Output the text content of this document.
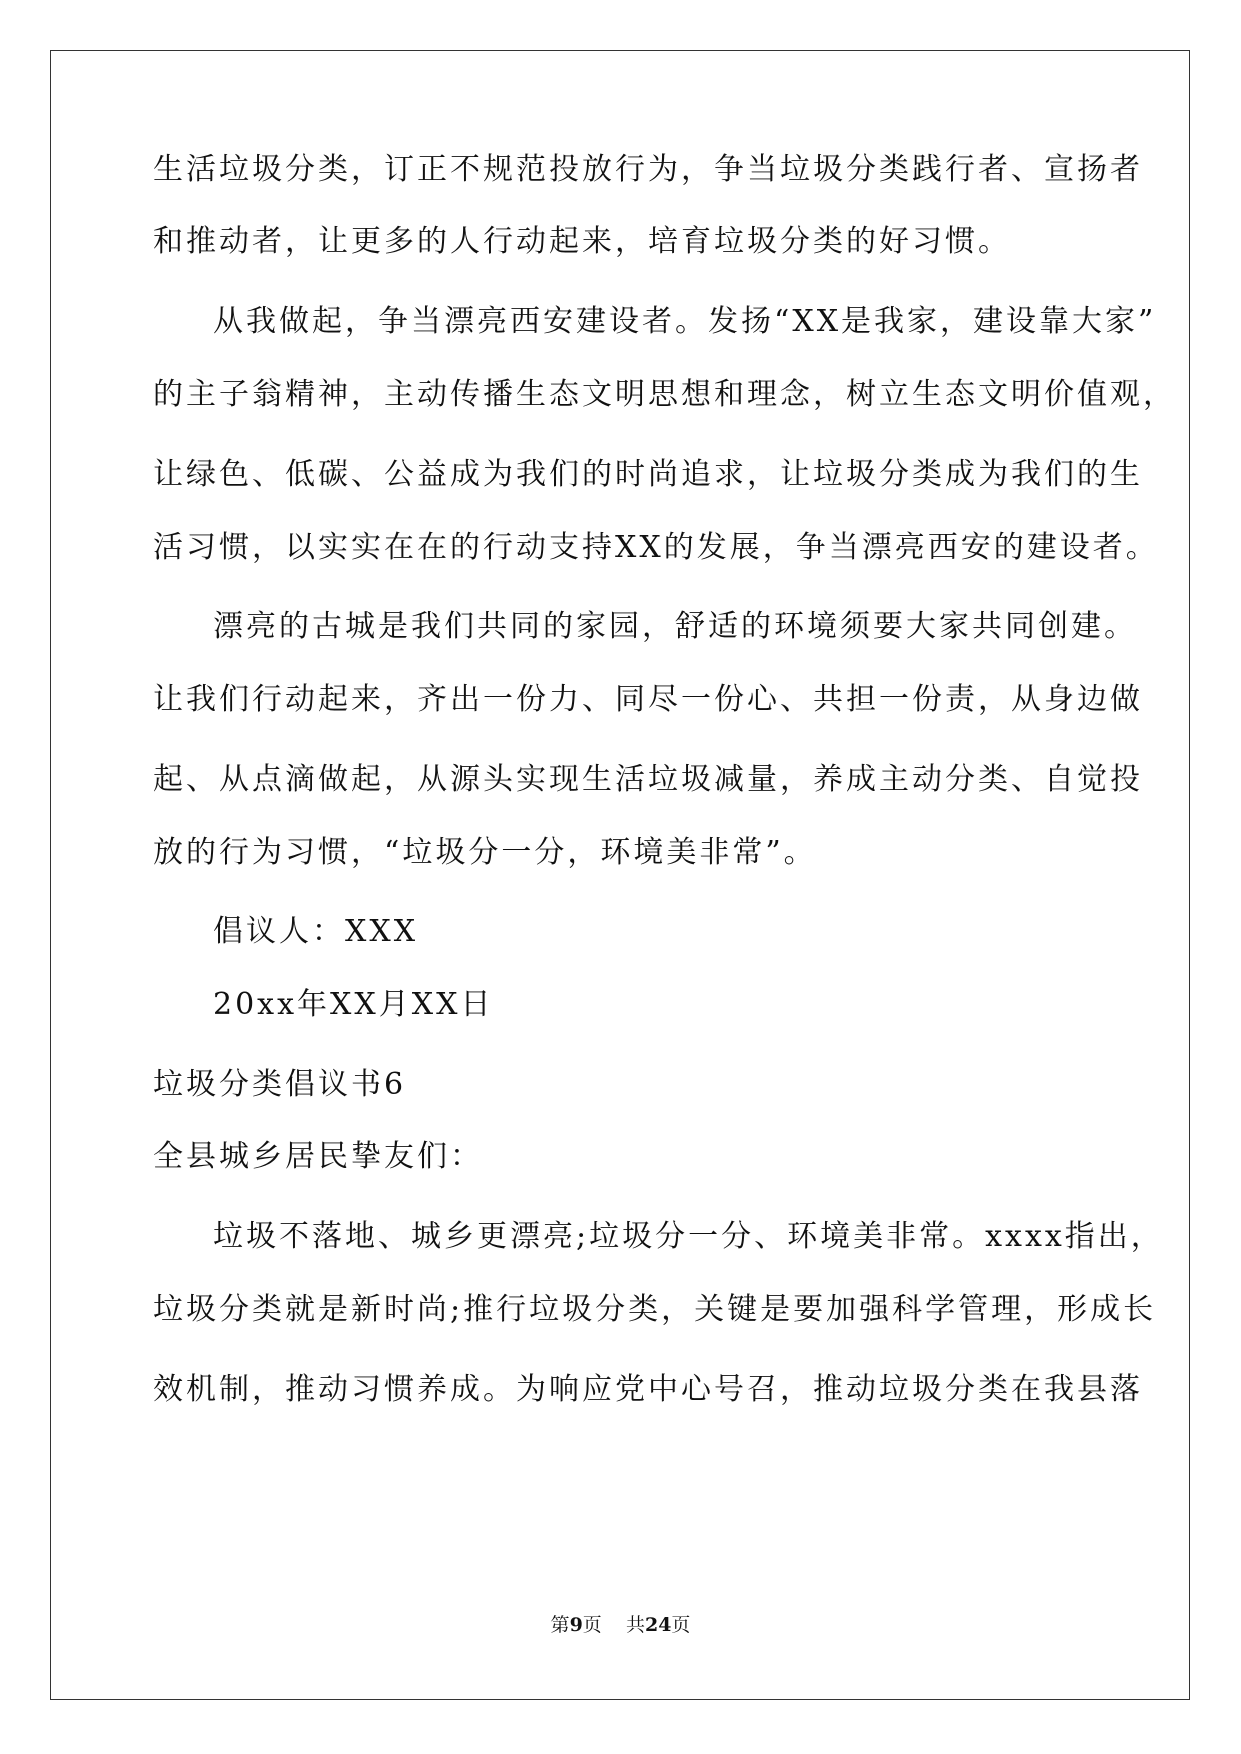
生活垃圾分类，订正不规范投放行为，争当垃圾分类践行者、宣扬者
和推动者，让更多的人行动起来，培育垃圾分类的好习惯。
从我做起，争当漂亮西安建设者。发扬“XX是我家，建设靠大家”
的主子翁精神，主动传播生态文明思想和理念，树立生态文明价值观，
让绿色、低碳、公益成为我们的时尚追求，让垃圾分类成为我们的生
活习惯，以实实在在的行动支持XX的发展，争当漂亮西安的建设者。
漂亮的古城是我们共同的家园，舒适的环境须要大家共同创建。
让我们行动起来，齐出一份力、同尽一份心、共担一份责，从身边做
起、从点滴做起，从源头实现生活垃圾减量，养成主动分类、自觉投
放的行为习惯，“垃圾分一分，环境美非常”。
倡议人：XXX
20xx年XX月XX日
垃圾分类倡议书6
全县城乡居民挚友们：
垃圾不落地、城乡更漂亮;垃圾分一分、环境美非常。xxxx指出，
垃圾分类就是新时尚;推行垃圾分类，关键是要加强科学管理，形成长
效机制，推动习惯养成。为响应党中心号召，推动垃圾分类在我县落
第9页    共24页
